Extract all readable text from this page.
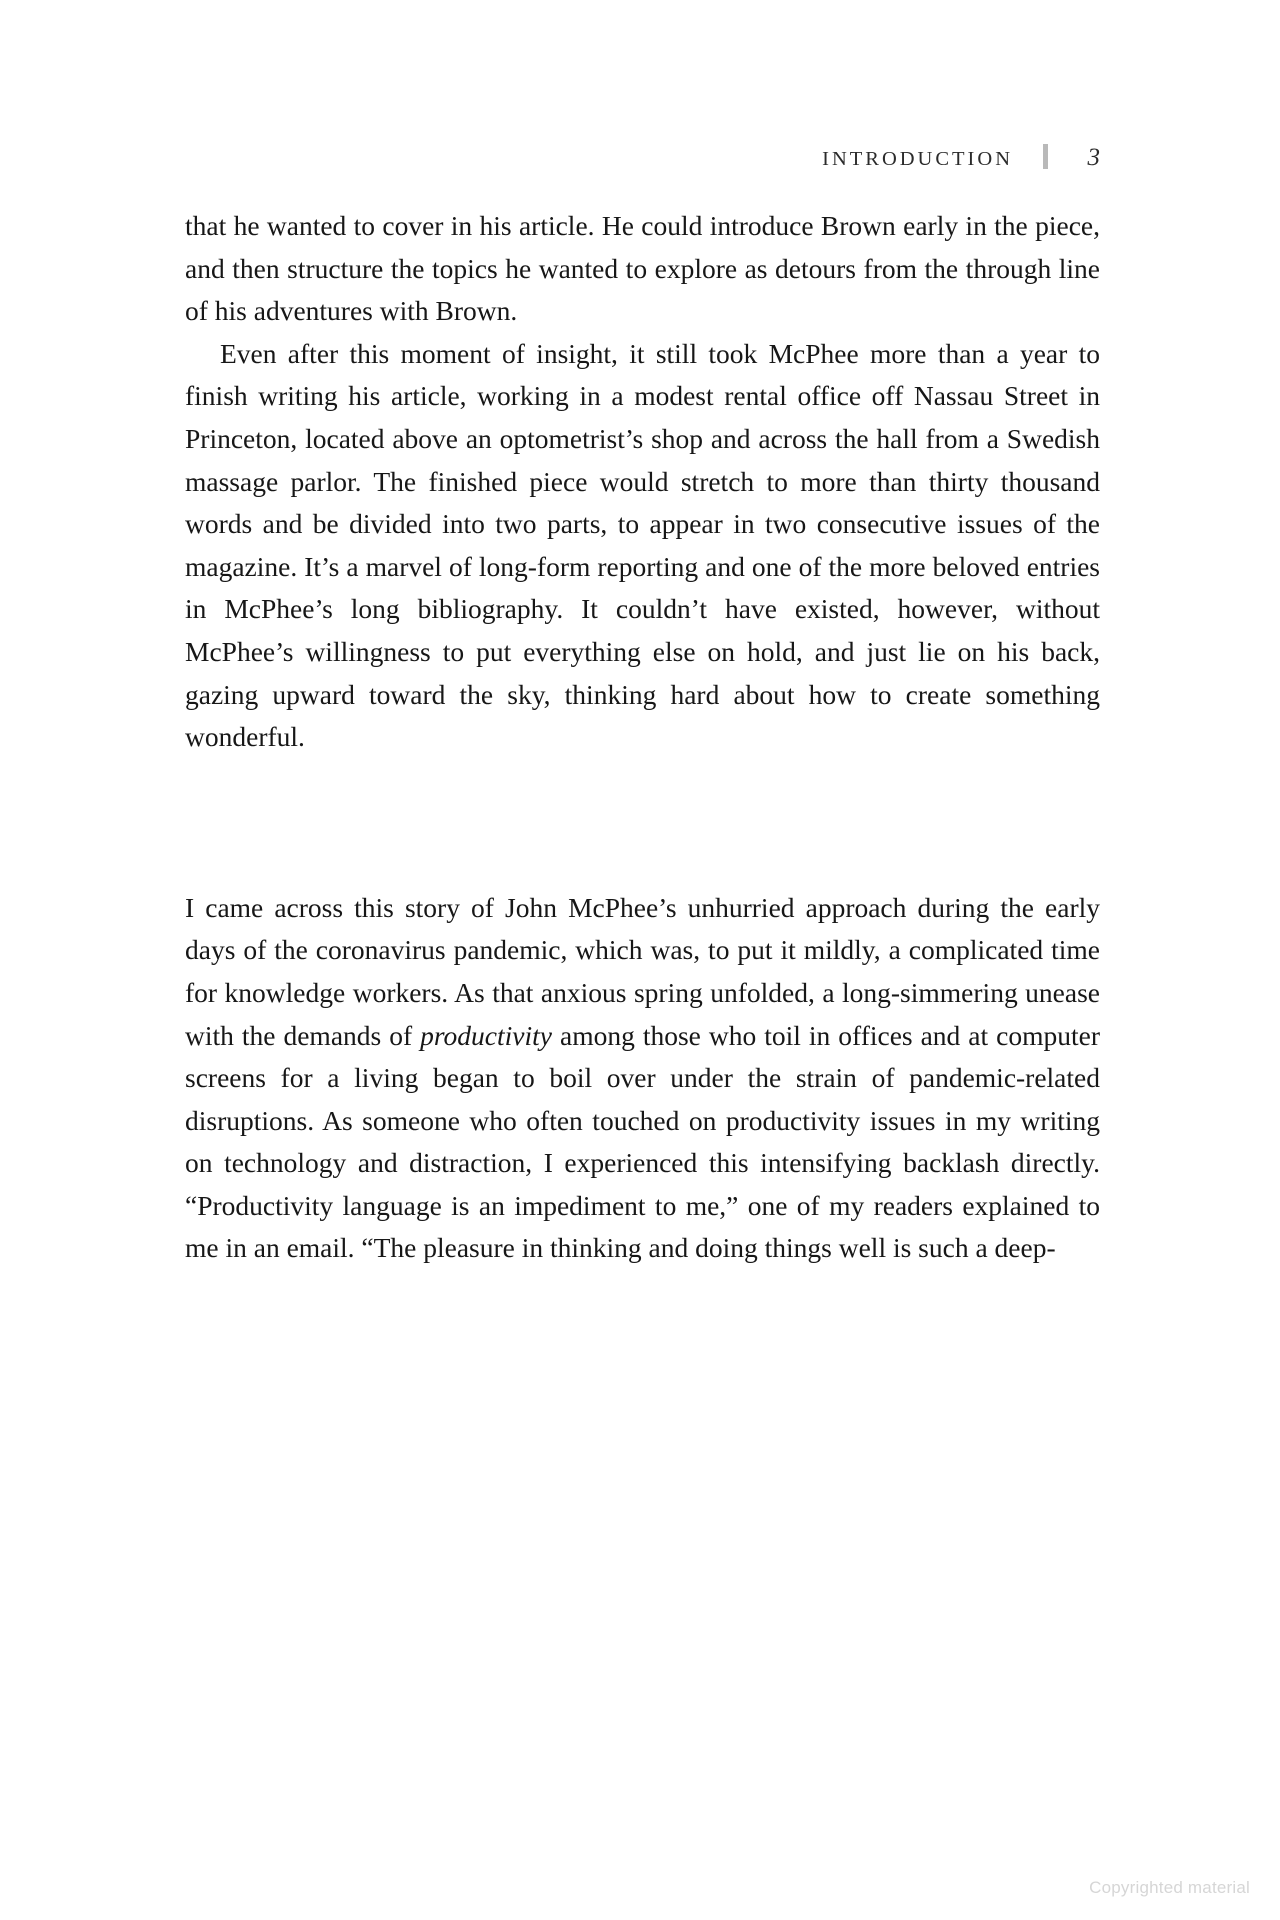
INTRODUCTION	3

that he wanted to cover in his article. He could introduce Brown early in the piece, and then structure the topics he wanted to explore as detours from the through line of his adventures with Brown.

Even after this moment of insight, it still took McPhee more than a year to finish writing his article, working in a modest rental office off Nassau Street in Princeton, located above an optometrist’s shop and across the hall from a Swedish massage parlor. The finished piece would stretch to more than thirty thousand words and be divided into two parts, to appear in two consecutive issues of the magazine. It’s a marvel of long-form reporting and one of the more beloved entries in McPhee’s long bibliography. It couldn’t have existed, however, without McPhee’s willingness to put everything else on hold, and just lie on his back, gazing upward toward the sky, thinking hard about how to create something wonderful.

I came across this story of John McPhee’s unhurried approach during the early days of the coronavirus pandemic, which was, to put it mildly, a complicated time for knowledge workers. As that anxious spring unfolded, a long-simmering unease with the demands of productivity among those who toil in offices and at computer screens for a living began to boil over under the strain of pandemic-related disruptions. As someone who often touched on productivity issues in my writing on technology and distraction, I experienced this intensifying backlash directly. “Productivity language is an impediment to me,” one of my readers explained to me in an email. “The pleasure in thinking and doing things well is such a deep-

Copyrighted material
